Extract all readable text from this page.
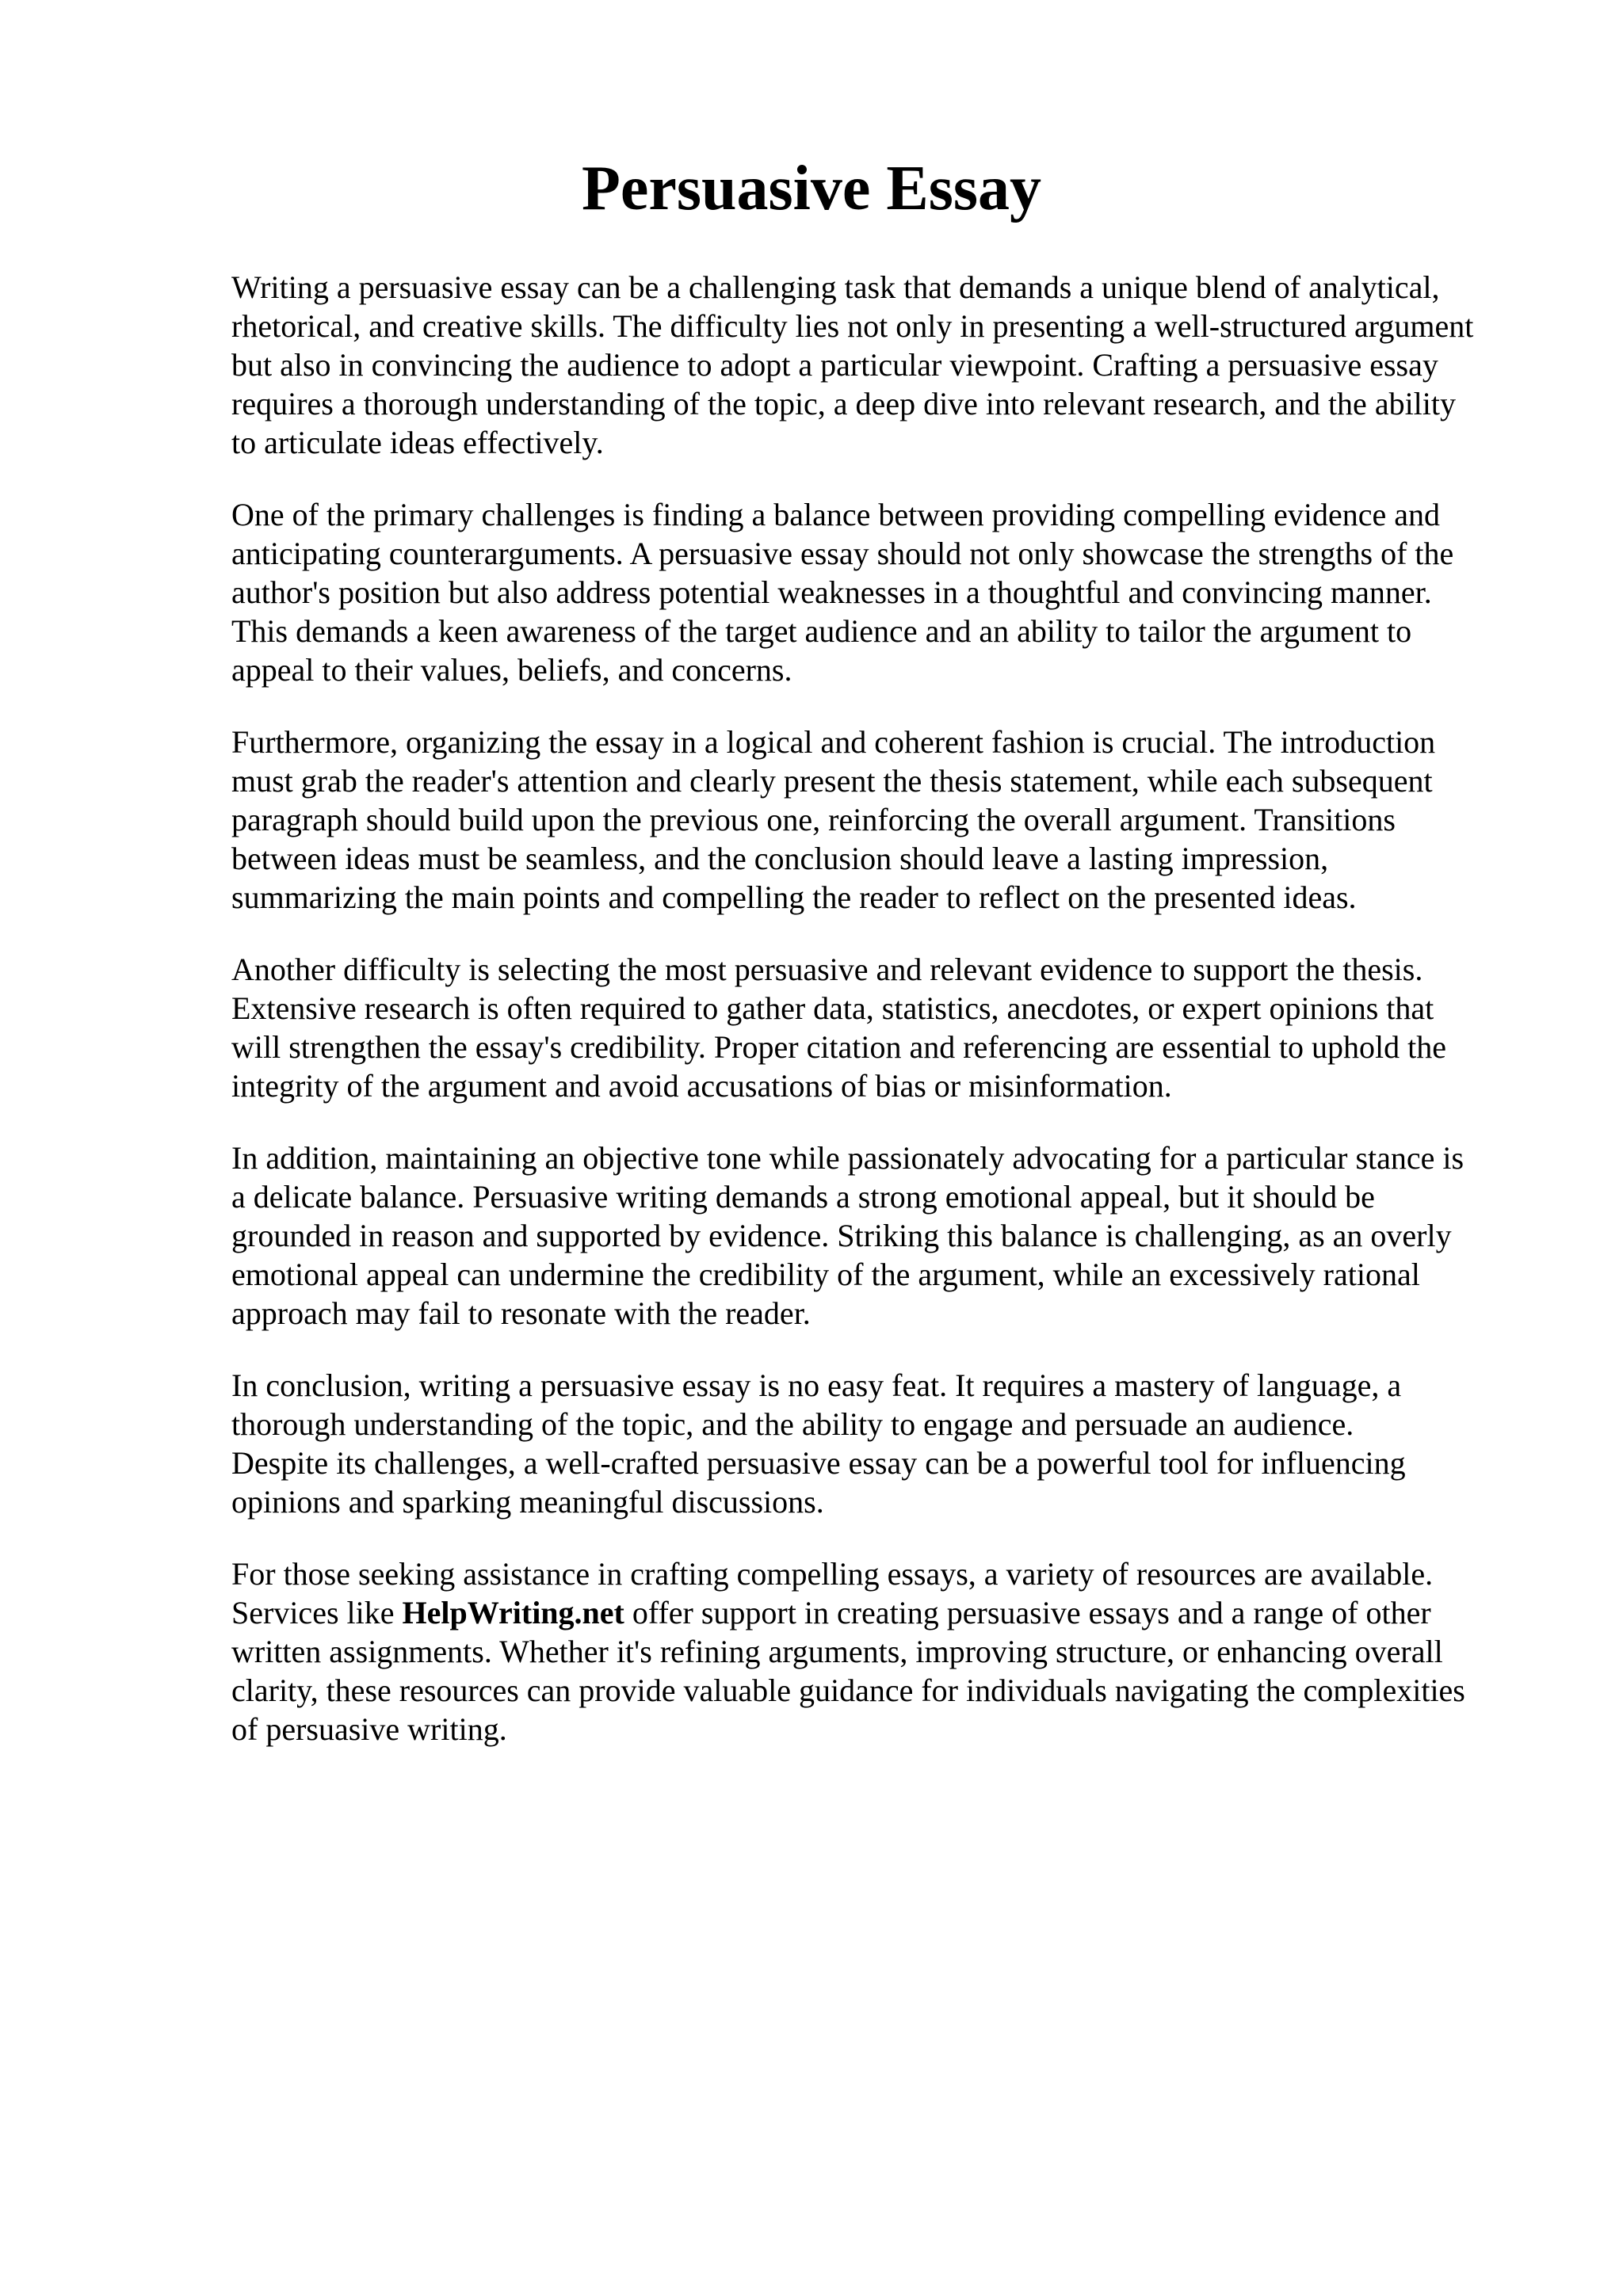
Persuasive Essay

Writing a persuasive essay can be a challenging task that demands a unique blend of analytical,
rhetorical, and creative skills. The difficulty lies not only in presenting a well-structured argument
but also in convincing the audience to adopt a particular viewpoint. Crafting a persuasive essay
requires a thorough understanding of the topic, a deep dive into relevant research, and the ability
to articulate ideas effectively.

One of the primary challenges is finding a balance between providing compelling evidence and
anticipating counterarguments. A persuasive essay should not only showcase the strengths of the
author's position but also address potential weaknesses in a thoughtful and convincing manner.
This demands a keen awareness of the target audience and an ability to tailor the argument to
appeal to their values, beliefs, and concerns.

Furthermore, organizing the essay in a logical and coherent fashion is crucial. The introduction
must grab the reader's attention and clearly present the thesis statement, while each subsequent
paragraph should build upon the previous one, reinforcing the overall argument. Transitions
between ideas must be seamless, and the conclusion should leave a lasting impression,
summarizing the main points and compelling the reader to reflect on the presented ideas.

Another difficulty is selecting the most persuasive and relevant evidence to support the thesis.
Extensive research is often required to gather data, statistics, anecdotes, or expert opinions that
will strengthen the essay's credibility. Proper citation and referencing are essential to uphold the
integrity of the argument and avoid accusations of bias or misinformation.

In addition, maintaining an objective tone while passionately advocating for a particular stance is
a delicate balance. Persuasive writing demands a strong emotional appeal, but it should be
grounded in reason and supported by evidence. Striking this balance is challenging, as an overly
emotional appeal can undermine the credibility of the argument, while an excessively rational
approach may fail to resonate with the reader.

In conclusion, writing a persuasive essay is no easy feat. It requires a mastery of language, a
thorough understanding of the topic, and the ability to engage and persuade an audience.
Despite its challenges, a well-crafted persuasive essay can be a powerful tool for influencing
opinions and sparking meaningful discussions.

For those seeking assistance in crafting compelling essays, a variety of resources are available.
Services like HelpWriting.net offer support in creating persuasive essays and a range of other
written assignments. Whether it's refining arguments, improving structure, or enhancing overall
clarity, these resources can provide valuable guidance for individuals navigating the complexities
of persuasive writing.
